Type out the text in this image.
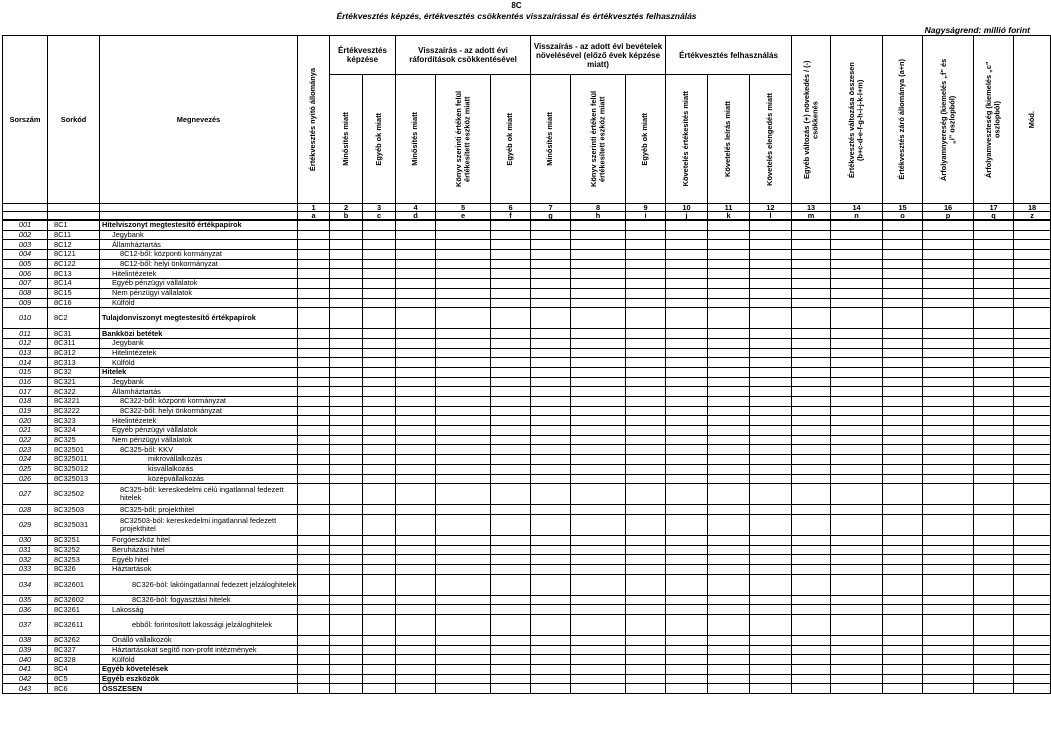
8C
Értékvesztés képzés, értékvesztés csökkentés visszaírással és értékvesztés felhasználás
Nagyságrend: millió forint
Sorszám	Sorkód	Megnevezés	Értékvesztés nyitó állománya	Értékvesztés képzése		Visszaírás - az adott évi ráfordítások csökkentésével			Visszaírás - az adott évi bevételek növelésével (előző évek képzése miatt)			Értékvesztés felhasználás			Egyéb változás (+) növekedés / (-) csökkenés	Értékvesztés változása összesen (b+c-d-e-f-g-h-i-j-k-l+m)	Értékvesztés záró állománya (a+n)	Árfolyamnyereség (kiemelés „f" és „i" oszlopból)	Árfolyamveszteség (kiemelés „c" oszlopból)	Mód.

				Minősítés miatt	Egyéb ok miatt	Minősítés miatt	Könyv szerinti értéken felül értékesített eszköz miatt	Egyéb ok miatt	Minősítés miatt	Könyv szerinti értéken felül értékesített eszköz miatt	Egyéb ok miatt	Követelés értékesítés miatt	Követelés leírás miatt	Követelés elengedés miatt						

			1	2	3	4	5	6	7	8	9	10	11	12	13	14	15	16	17	18
			a	b	c	d	e	f	g	h	i	j	k	l	m	n	o	p	q	z
001	8C1	Hitelviszonyt megtestesítő értékpapírok																		
002	8C11	Jegybank																		
003	8C12	Államháztartás																		
004	8C121	8C12-ből: központi kormányzat																		
005	8C122	8C12-ből: helyi önkormányzat																		
006	8C13	Hitelintézetek																		
007	8C14	Egyéb pénzügyi vállalatok																		
008	8C15	Nem pénzügyi vállalatok																		
009	8C16	Külföld																		
010	8C2	Tulajdonviszonyt megtestesítő értékpapírok																		
011	8C31	Bankközi betétek																		
012	8C311	Jegybank																		
013	8C312	Hitelintézetek																		
014	8C313	Külföld																		
015	8C32	Hitelek																		
016	8C321	Jegybank																		
017	8C322	Államháztartás																		
018	8C3221	8C322-ből: központi kormányzat																		
019	8C3222	8C322-ből: helyi önkormányzat																		
020	8C323	Hitelintézetek																		
021	8C324	Egyéb pénzügyi vállalatok																		
022	8C325	Nem pénzügyi vállalatok																		
023	8C32501	8C325-ből: KKV																		
024	8C325011	mikrovállalkozás																		
025	8C325012	kisvállalkozás																		
026	8C325013	középvállalkozás																		
027	8C32502	8C325-ből: kereskedelmi célú ingatlannal fedezett hitelek																		
028	8C32503	8C325-ből: projekthitel																		
029	8C325031	8C32503-ból: kereskedelmi ingatlannal fedezett projekthitel																		
030	8C3251	Forgóeszköz hitel																		
031	8C3252	Beruházási hitel																		
032	8C3253	Egyéb hitel																		
033	8C326	Háztartások																		
034	8C32601	8C326-ból: lakóingatlannal fedezett jelzáloghitelek																		
035	8C32602	8C326-ból: fogyasztási hitelek																		
036	8C3261	Lakosság																		
037	8C32611	ebből: forintosított lakossági jelzáloghitelek																		
038	8C3262	Önálló vállalkozók																		
039	8C327	Háztartásokat segítő non-profit intézmények																		
040	8C328	Külföld																		
041	8C4	Egyéb követelések																		
042	8C5	Egyéb eszközök																		
043	8C6	ÖSSZESEN																		
